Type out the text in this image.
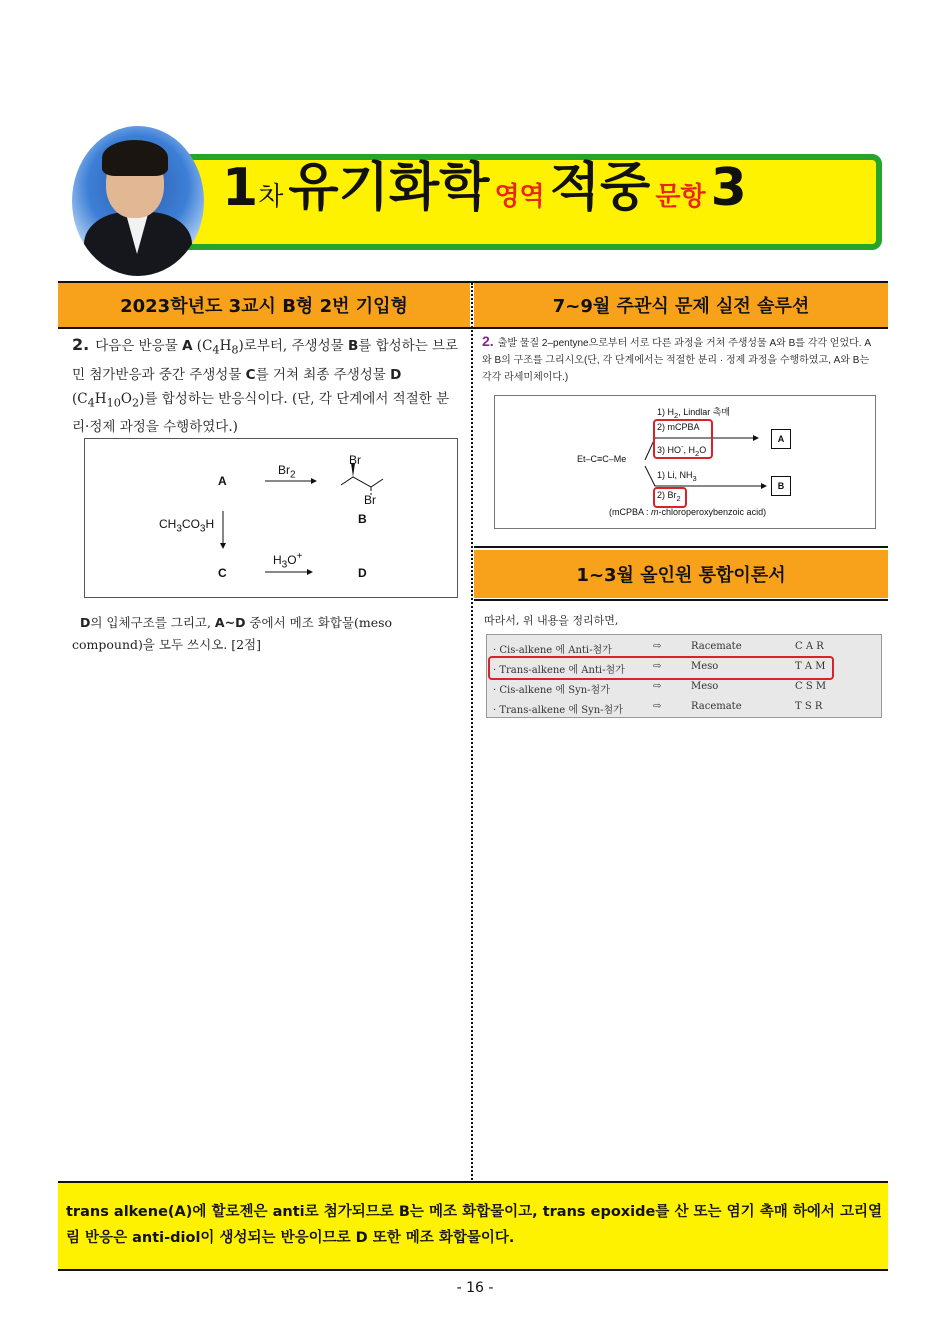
1차 유기화학 영역 적중 문항 3
2023학년도 3교시 B형 2번 기입형	7~9월 주관식 문제 실전 솔루션
2. 다음은 반응물 A $(C_4H_8)$로부터, 주생성물 B를 합성하는 브로민 첨가반응과 중간 주생성물 C를 거쳐 최종 주생성물 D $(C_4H_{10}O_2)$를 합성하는 반응식이다. (단, 각 단계에서 적절한 분리·정제 과정을 수행하였다.)
A
$Br_2$
Br
Br
B
$CH_3CO_3H$
C
$H_3O^+$
D
D의 입체구조를 그리고, A~D 중에서 메조 화합물(meso compound)을 모두 쓰시오. [2점]
2. 출발 물질 2–pentyne으로부터 서로 다른 과정을 거쳐 주생성물 A와 B를 각각 얻었다. A와 B의 구조를 그리시오(단, 각 단계에서는 적절한 분리 · 정제 과정을 수행하였고, A와 B는 각각 라세미체이다.)
Et–C≡C–Me
1) $H_2$, Lindlar 촉매
2) mCPBA
3) HO-, $H_2O$
A
1) Li, $NH_3$
2) $Br_2$
B
(mCPBA : m-chloroperoxybenzoic acid)
1~3월 올인원 통합이론서
따라서, 위 내용을 정리하면,
· Cis-alkene 에 Anti-첨가	⇨	Racemate	C A R
· Trans-alkene 에 Anti-첨가	⇨	Meso	T A M
· Cis-alkene 에 Syn-첨가	⇨	Meso	C S M
· Trans-alkene 에 Syn-첨가	⇨	Racemate	T S R
trans alkene(A)에 할로젠은 anti로 첨가되므로 B는 메조 화합물이고, trans epoxide를 산 또는 염기 촉매 하에서 고리열림 반응은 anti-diol이 생성되는 반응이므로 D 또한 메조 화합물이다.
- 16 -
